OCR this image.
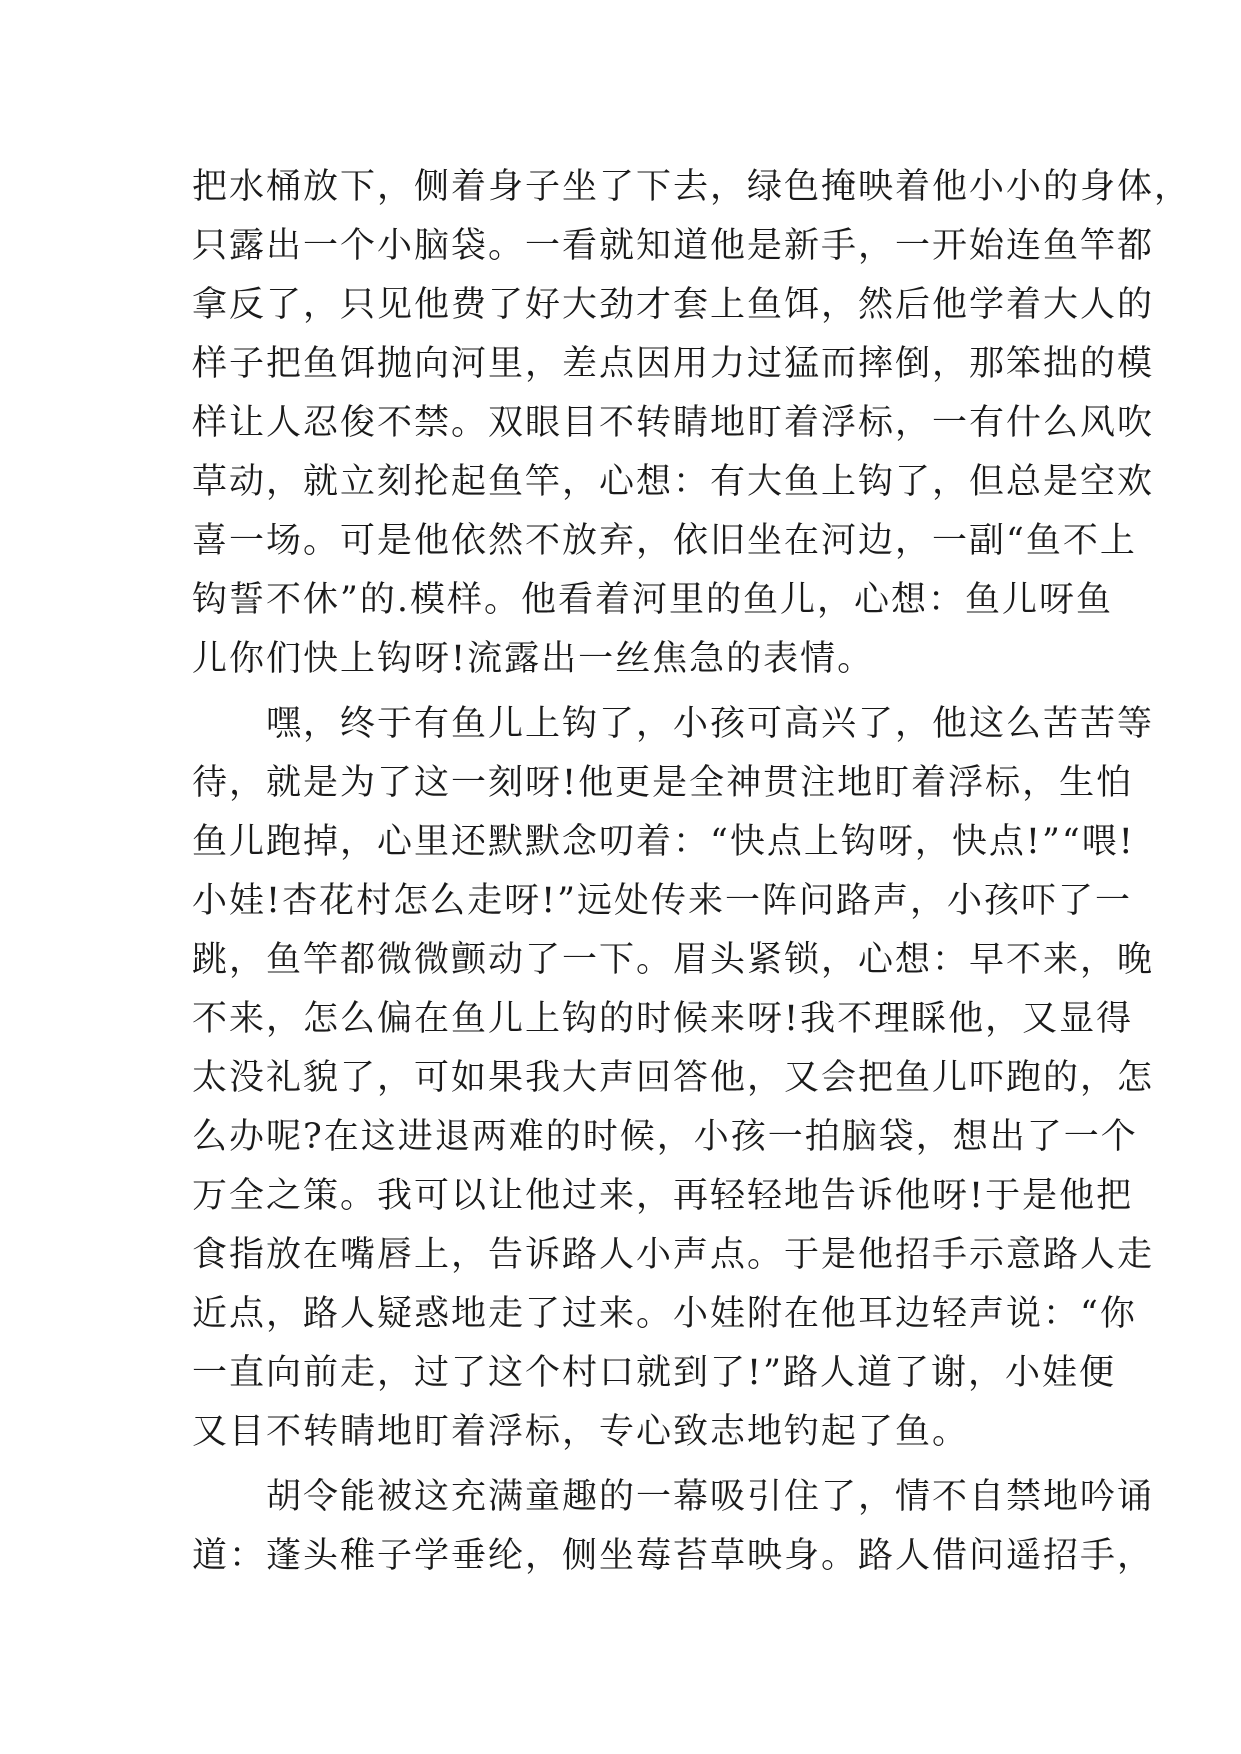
把水桶放下，侧着身子坐了下去，绿色掩映着他小小的身体，
只露出一个小脑袋。一看就知道他是新手，一开始连鱼竿都
拿反了，只见他费了好大劲才套上鱼饵，然后他学着大人的
样子把鱼饵抛向河里，差点因用力过猛而摔倒，那笨拙的模
样让人忍俊不禁。双眼目不转睛地盯着浮标，一有什么风吹
草动，就立刻抡起鱼竿，心想：有大鱼上钩了，但总是空欢
喜一场。可是他依然不放弃，依旧坐在河边，一副“鱼不上
钩誓不休”的.模样。他看着河里的鱼儿，心想：鱼儿呀鱼
儿你们快上钩呀!流露出一丝焦急的表情。
　　嘿，终于有鱼儿上钩了，小孩可高兴了，他这么苦苦等
待，就是为了这一刻呀!他更是全神贯注地盯着浮标，生怕
鱼儿跑掉，心里还默默念叨着：“快点上钩呀，快点!”“喂!
小娃!杏花村怎么走呀!”远处传来一阵问路声，小孩吓了一
跳，鱼竿都微微颤动了一下。眉头紧锁，心想：早不来，晚
不来，怎么偏在鱼儿上钩的时候来呀!我不理睬他，又显得
太没礼貌了，可如果我大声回答他，又会把鱼儿吓跑的，怎
么办呢?在这进退两难的时候，小孩一拍脑袋，想出了一个
万全之策。我可以让他过来，再轻轻地告诉他呀!于是他把
食指放在嘴唇上，告诉路人小声点。于是他招手示意路人走
近点，路人疑惑地走了过来。小娃附在他耳边轻声说：“你
一直向前走，过了这个村口就到了!”路人道了谢，小娃便
又目不转睛地盯着浮标，专心致志地钓起了鱼。
　　胡令能被这充满童趣的一幕吸引住了，情不自禁地吟诵
道：蓬头稚子学垂纶，侧坐莓苔草映身。路人借问遥招手，
